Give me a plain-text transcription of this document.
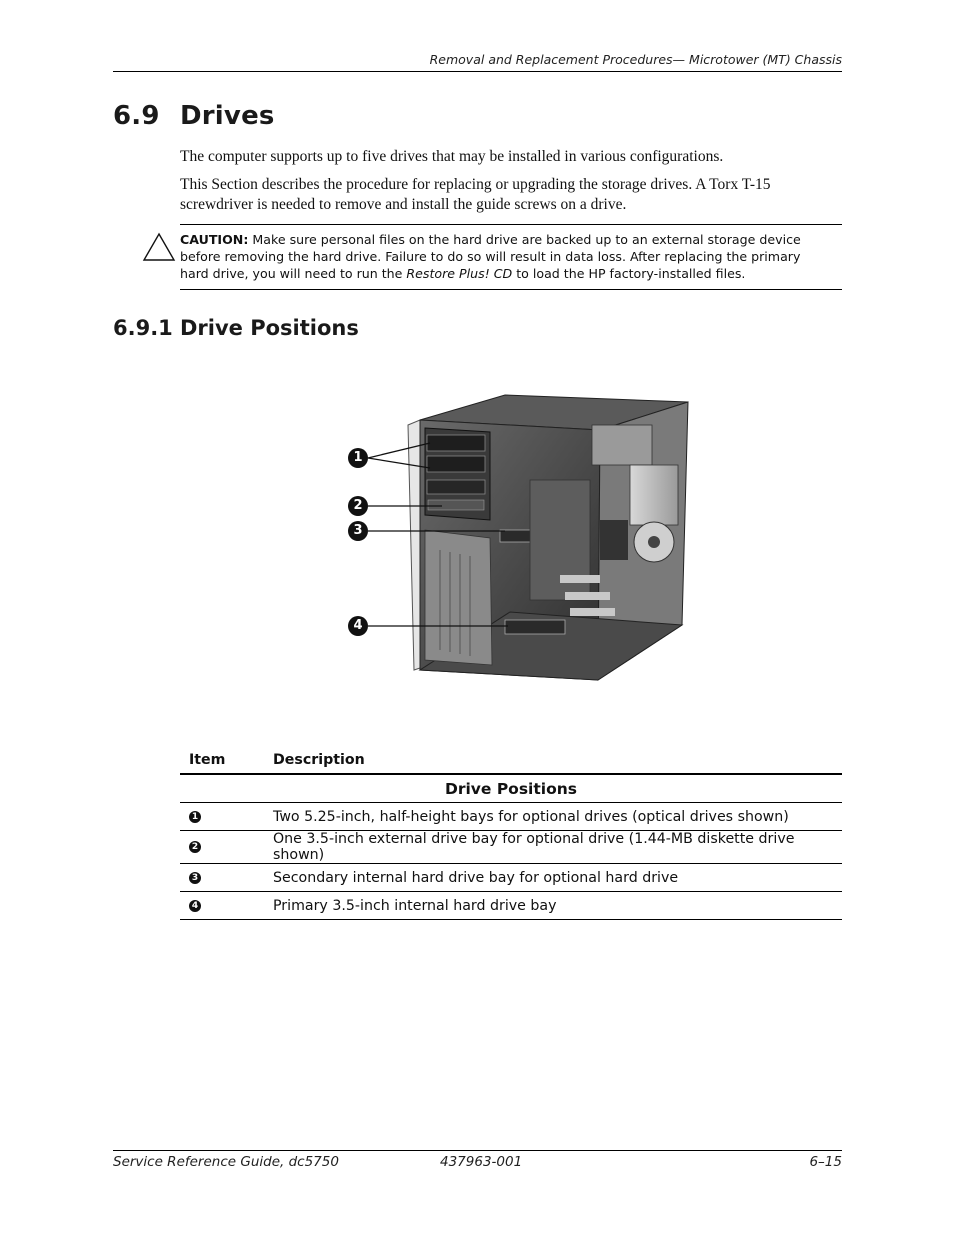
Removal and Replacement Procedures— Microtower (MT) Chassis
6.9 Drives
The computer supports up to five drives that may be installed in various configurations.
This Section describes the procedure for replacing or upgrading the storage drives. A Torx T-15 screwdriver is needed to remove and install the guide screws on a drive.
CAUTION: Make sure personal files on the hard drive are backed up to an external storage device before removing the hard drive. Failure to do so will result in data loss. After replacing the primary hard drive, you will need to run the Restore Plus! CD to load the HP factory-installed files.
6.9.1 Drive Positions
1
2
3
4
Drive Positions	
Item	Description
1	Two 5.25-inch, half-height bays for optional drives (optical drives shown)
2	One 3.5-inch external drive bay for optional drive (1.44-MB diskette drive shown)
3	Secondary internal hard drive bay for optional hard drive
4	Primary 3.5-inch internal hard drive bay
Service Reference Guide, dc5750	437963-001	6–15
